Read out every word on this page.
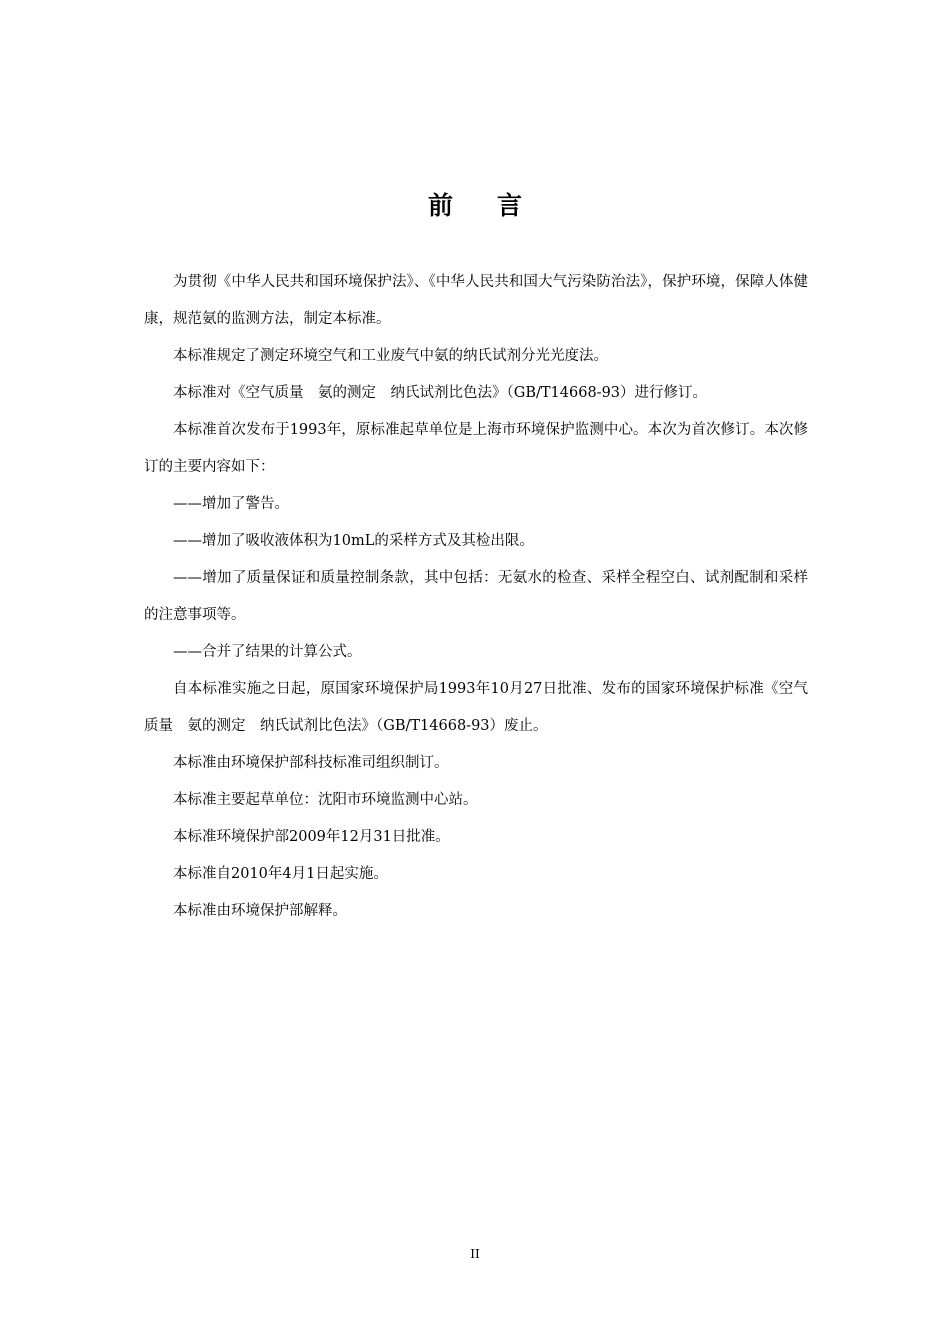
前言

为贯彻《中华人民共和国环境保护法》、《中华人民共和国大气污染防治法》，保护环境，保障人体健康，规范氨的监测方法，制定本标准。

本标准规定了测定环境空气和工业废气中氨的纳氏试剂分光光度法。

本标准对《空气质量　氨的测定　纳氏试剂比色法》（GB/T14668-93）进行修订。

本标准首次发布于1993年，原标准起草单位是上海市环境保护监测中心。本次为首次修订。本次修订的主要内容如下：

——增加了警告。

——增加了吸收液体积为10mL的采样方式及其检出限。

——增加了质量保证和质量控制条款，其中包括：无氨水的检查、采样全程空白、试剂配制和采样的注意事项等。

——合并了结果的计算公式。

自本标准实施之日起，原国家环境保护局1993年10月27日批准、发布的国家环境保护标准《空气质量　氨的测定　纳氏试剂比色法》（GB/T14668-93）废止。

本标准由环境保护部科技标准司组织制订。

本标准主要起草单位：沈阳市环境监测中心站。

本标准环境保护部2009年12月31日批准。

本标准自2010年4月1日起实施。

本标准由环境保护部解释。

II
